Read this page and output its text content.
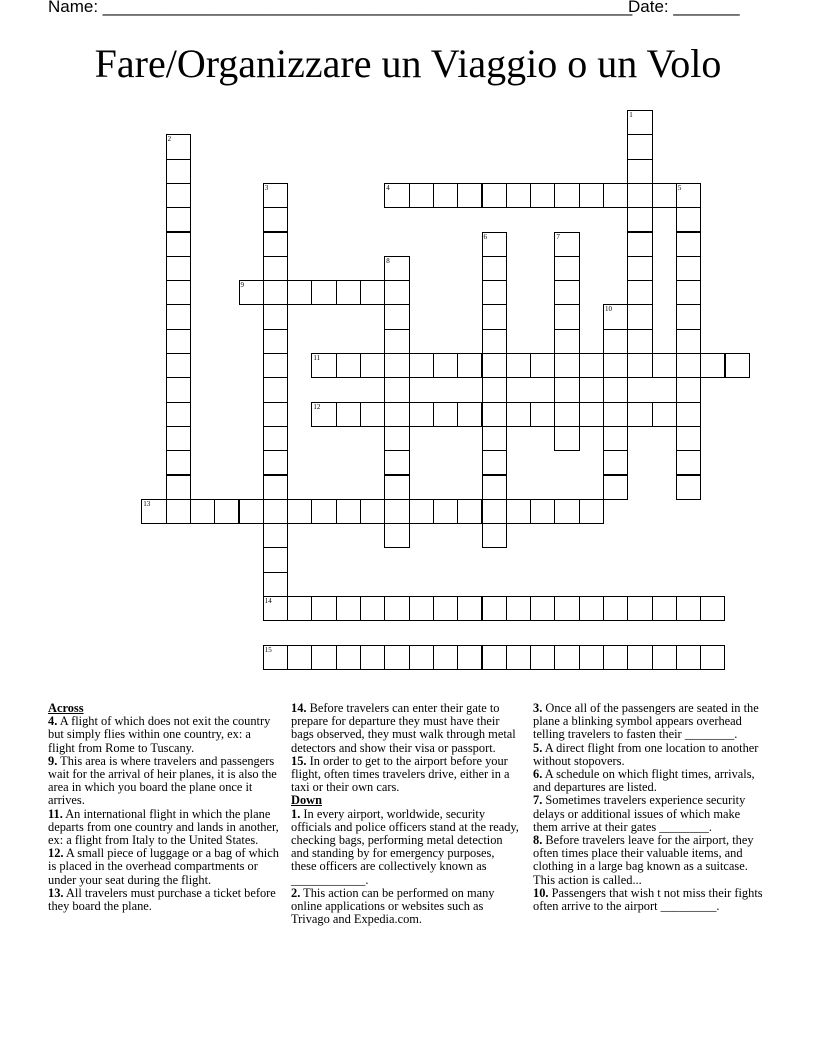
Name: ________________________________________________________
Date: _______
Fare/Organizzare un Viaggio o un Volo
1
2
3	4	5
6	7
8
9
10
11
12
13
14
15

Across

4. A flight of which does not exit the country but simply flies within one country, ex: a flight from Rome to Tuscany.

9. This area is where travelers and passengers wait for the arrival of heir planes, it is also the area in which you board the plane once it arrives.

11. An international flight in which the plane departs from one country and lands in another, ex: a flight from Italy to the United States.

12. A small piece of luggage or a bag of which is placed in the overhead compartments or under your seat during the flight.

13. All travelers must purchase a ticket before they board the plane.

14. Before travelers can enter their gate to prepare for departure they must have their bags observed, they must walk through metal detectors and show their visa or passport.

15. In order to get to the airport before your flight, often times travelers drive, either in a taxi or their own cars.

Down

1. In every airport, worldwide, security officials and police officers stand at the ready, checking bags, performing metal detection and standing by for emergency purposes, these officers are collectively known as ____________.

2. This action can be performed on many online applications or websites such as Trivago and Expedia.com.

3. Once all of the passengers are seated in the plane a blinking symbol appears overhead telling travelers to fasten their ________.

5. A direct flight from one location to another without stopovers.

6. A schedule on which flight times, arrivals, and departures are listed.

7. Sometimes travelers experience security delays or additional issues of which make them arrive at their gates ________.

8. Before travelers leave for the airport, they often times place their valuable items, and clothing in a large bag known as a suitcase. This action is called...

10. Passengers that wish t not miss their fights often arrive to the airport _________.
